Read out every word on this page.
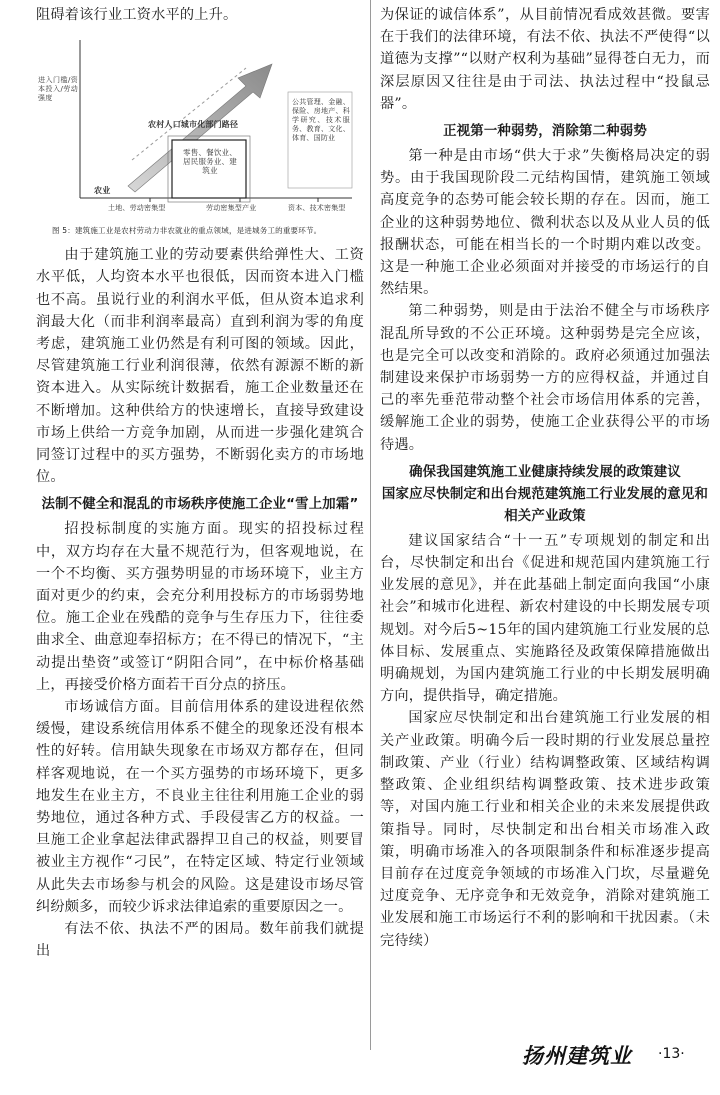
阻碍着该行业工资水平的上升。

进入门槛/资本投入/劳动强度
农村人口城市化部门路径
零售、餐饮业、居民服务业、建筑业
公共管理、金融、保险、房地产、科学研究、技术服务、教育、文化、体育、国防业
农业
土地、劳动密集型	劳动密集型产业	资本、技术密集型
图 5：建筑施工业是农村劳动力非农就业的重点领域，是进城务工的重要环节。

由于建筑施工业的劳动要素供给弹性大、工资水平低，人均资本水平也很低，因而资本进入门槛也不高。虽说行业的利润水平低，但从资本追求利润最大化（而非利润率最高）直到利润为零的角度考虑，建筑施工业仍然是有利可图的领域。因此，尽管建筑施工行业利润很薄，依然有源源不断的新资本进入。从实际统计数据看，施工企业数量还在不断增加。这种供给方的快速增长，直接导致建设市场上供给一方竞争加剧，从而进一步强化建筑合同签订过程中的买方强势，不断弱化卖方的市场地位。

法制不健全和混乱的市场秩序使施工企业“雪上加霜”

招投标制度的实施方面。现实的招投标过程中，双方均存在大量不规范行为，但客观地说，在一个不均衡、买方强势明显的市场环境下，业主方面对更少的约束，会充分利用投标方的市场弱势地位。施工企业在残酷的竞争与生存压力下，往往委曲求全、曲意迎奉招标方；在不得已的情况下，“主动提出垫资”或签订“阴阳合同”，在中标价格基础上，再接受价格方面若干百分点的挤压。

市场诚信方面。目前信用体系的建设进程依然缓慢，建设系统信用体系不健全的现象还没有根本性的好转。信用缺失现象在市场双方都存在，但同样客观地说，在一个买方强势的市场环境下，更多地发生在业主方，不良业主往往利用施工企业的弱势地位，通过各种方式、手段侵害乙方的权益。一旦施工企业拿起法律武器捍卫自己的权益，则要冒被业主方视作“刁民”，在特定区域、特定行业领域从此失去市场参与机会的风险。这是建设市场尽管纠纷颇多，而较少诉求法律追索的重要原因之一。

有法不依、执法不严的困局。数年前我们就提出

为保证的诚信体系”，从目前情况看成效甚微。要害在于我们的法律环境，有法不依、执法不严使得“以道德为支撑”“以财产权利为基础”显得苍白无力，而深层原因又往往是由于司法、执法过程中“投鼠忌器”。

正视第一种弱势，消除第二种弱势

第一种是由市场“供大于求”失衡格局决定的弱势。由于我国现阶段二元结构国情，建筑施工领域高度竞争的态势可能会较长期的存在。因而，施工企业的这种弱势地位、微利状态以及从业人员的低报酬状态，可能在相当长的一个时期内难以改变。这是一种施工企业必须面对并接受的市场运行的自然结果。

第二种弱势，则是由于法治不健全与市场秩序混乱所导致的不公正环境。这种弱势是完全应该，也是完全可以改变和消除的。政府必须通过加强法制建设来保护市场弱势一方的应得权益，并通过自己的率先垂范带动整个社会市场信用体系的完善，缓解施工企业的弱势，使施工企业获得公平的市场待遇。

确保我国建筑施工业健康持续发展的政策建议
国家应尽快制定和出台规范建筑施工行业发展的意见和相关产业政策

建议国家结合“十一五”专项规划的制定和出台，尽快制定和出台《促进和规范国内建筑施工行业发展的意见》，并在此基础上制定面向我国“小康社会”和城市化进程、新农村建设的中长期发展专项规划。对今后5~15年的国内建筑施工行业发展的总体目标、发展重点、实施路径及政策保障措施做出明确规划，为国内建筑施工行业的中长期发展明确方向，提供指导，确定措施。

国家应尽快制定和出台建筑施工行业发展的相关产业政策。明确今后一段时期的行业发展总量控制政策、产业（行业）结构调整政策、区域结构调整政策、企业组织结构调整政策、技术进步政策等，对国内施工行业和相关企业的未来发展提供政策指导。同时，尽快制定和出台相关市场准入政策，明确市场准入的各项限制条件和标准逐步提高目前存在过度竞争领域的市场准入门坎，尽量避免过度竞争、无序竞争和无效竞争，消除对建筑施工业发展和施工市场运行不利的影响和干扰因素。（未完待续）

扬州建筑业 ·13·
